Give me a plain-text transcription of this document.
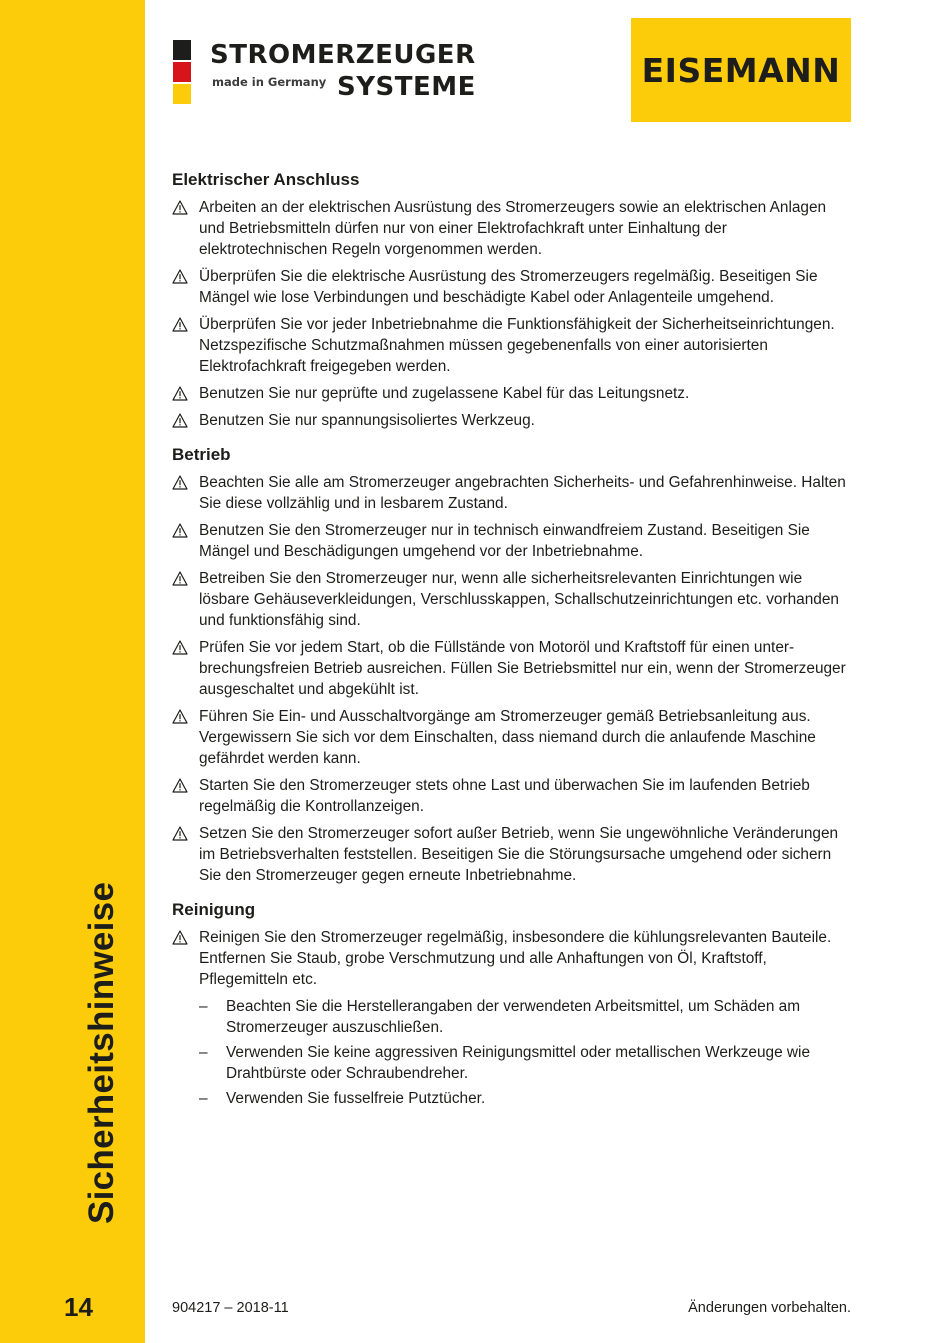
Sicherheitshinweise
14
STROMERZEUGER
made in Germany SYSTEME	EISEMANN
Elektrischer Anschluss
Arbeiten an der elektrischen Ausrüstung des Stromerzeugers sowie an elektrischen Anlagen und Betriebsmitteln dürfen nur von einer Elektrofachkraft unter Einhaltung der elektrotechnischen Regeln vorgenommen werden.
Überprüfen Sie die elektrische Ausrüstung des Stromerzeugers regelmäßig. Beseitigen Sie Mängel wie lose Verbindungen und beschädigte Kabel oder Anlagenteile umgehend.
Überprüfen Sie vor jeder Inbetriebnahme die Funktionsfähigkeit der Sicherheitseinrichtungen. Netzspezifische Schutzmaßnahmen müssen gegebenenfalls von einer autorisierten Elektrofachkraft freigegeben werden.
Benutzen Sie nur geprüfte und zugelassene Kabel für das Leitungsnetz.
Benutzen Sie nur spannungsisoliertes Werkzeug.
Betrieb
Beachten Sie alle am Stromerzeuger angebrachten Sicherheits- und Gefahrenhinweise. Halten Sie diese vollzählig und in lesbarem Zustand.
Benutzen Sie den Stromerzeuger nur in technisch einwandfreiem Zustand. Beseitigen Sie Mängel und Beschädigungen umgehend vor der Inbetriebnahme.
Betreiben Sie den Stromerzeuger nur, wenn alle sicherheitsrelevanten Einrichtungen wie lösbare Gehäuseverkleidungen, Verschlusskappen, Schallschutzeinrichtungen etc. vorhanden und funktionsfähig sind.
Prüfen Sie vor jedem Start, ob die Füllstände von Motoröl und Kraftstoff für einen unterbrechungsfreien Betrieb ausreichen. Füllen Sie Betriebsmittel nur ein, wenn der Stromerzeuger ausgeschaltet und abgekühlt ist.
Führen Sie Ein- und Ausschaltvorgänge am Stromerzeuger gemäß Betriebsanleitung aus. Vergewissern Sie sich vor dem Einschalten, dass niemand durch die anlaufende Maschine gefährdet werden kann.
Starten Sie den Stromerzeuger stets ohne Last und überwachen Sie im laufenden Betrieb regelmäßig die Kontrollanzeigen.
Setzen Sie den Stromerzeuger sofort außer Betrieb, wenn Sie ungewöhnliche Veränderungen im Betriebsverhalten feststellen. Beseitigen Sie die Störungsursache umgehend oder sichern Sie den Stromerzeuger gegen erneute Inbetriebnahme.
Reinigung
Reinigen Sie den Stromerzeuger regelmäßig, insbesondere die kühlungsrelevanten Bauteile. Entfernen Sie Staub, grobe Verschmutzung und alle Anhaftungen von Öl, Kraftstoff, Pflegemitteln etc.
– Beachten Sie die Herstellerangaben der verwendeten Arbeitsmittel, um Schäden am Stromerzeuger auszuschließen.
– Verwenden Sie keine aggressiven Reinigungsmittel oder metallischen Werkzeuge wie Drahtbürste oder Schraubendreher.
– Verwenden Sie fusselfreie Putztücher.
904217 – 2018-11	Änderungen vorbehalten.
